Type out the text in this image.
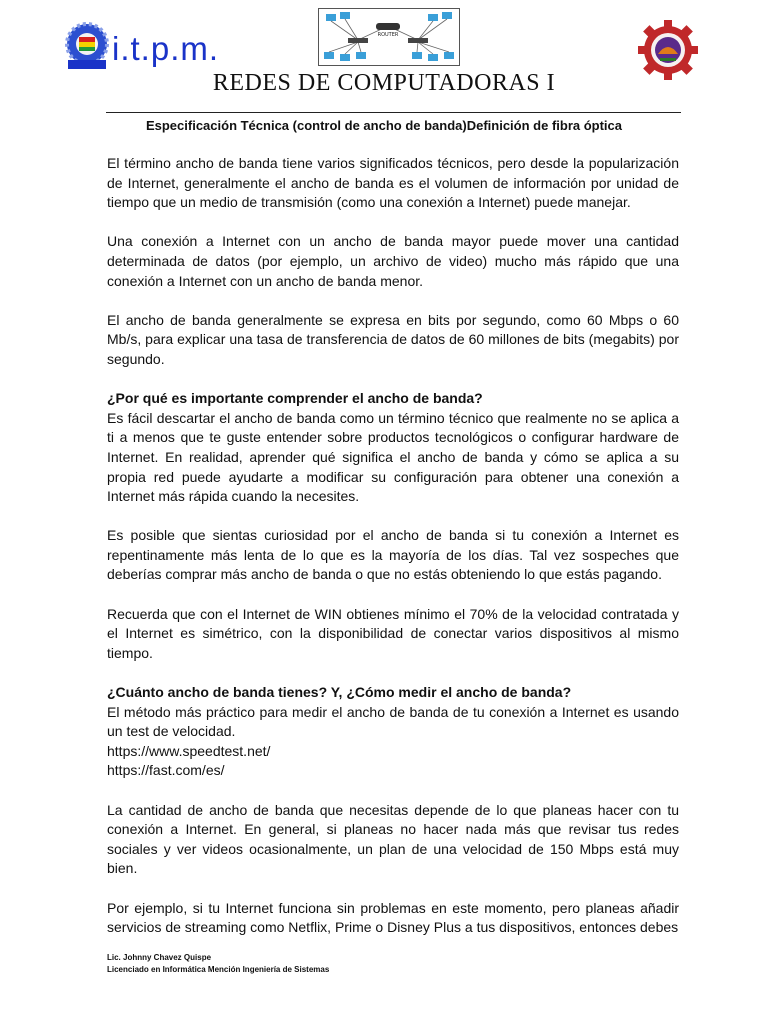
i.t.p.m.	ROUTER
REDES DE COMPUTADORAS I
Especificación Técnica (control de ancho de banda)Definición de fibra óptica

El término ancho de banda tiene varios significados técnicos, pero desde la popularización de Internet, generalmente el ancho de banda es el volumen de información por unidad de tiempo que un medio de transmisión (como una conexión a Internet) puede manejar.

Una conexión a Internet con un ancho de banda mayor puede mover una cantidad determinada de datos (por ejemplo, un archivo de video) mucho más rápido que una conexión a Internet con un ancho de banda menor.

El ancho de banda generalmente se expresa en bits por segundo, como 60 Mbps o 60 Mb/s, para explicar una tasa de transferencia de datos de 60 millones de bits (megabits) por segundo.

¿Por qué es importante comprender el ancho de banda?

Es fácil descartar el ancho de banda como un término técnico que realmente no se aplica a ti a menos que te guste entender sobre productos tecnológicos o configurar hardware de Internet. En realidad, aprender qué significa el ancho de banda y cómo se aplica a su propia red puede ayudarte a modificar su configuración para obtener una conexión a Internet más rápida cuando la necesites.

Es posible que sientas curiosidad por el ancho de banda si tu conexión a Internet es repentinamente más lenta de lo que es la mayoría de los días. Tal vez sospeches que deberías comprar más ancho de banda o que no estás obteniendo lo que estás pagando.

Recuerda que con el Internet de WIN obtienes mínimo el 70% de la velocidad contratada y el Internet es simétrico, con la disponibilidad de conectar varios dispositivos al mismo tiempo.

¿Cuánto ancho de banda tienes? Y, ¿Cómo medir el ancho de banda?

El método más práctico para medir el ancho de banda de tu conexión a Internet es usando un test de velocidad.

https://www.speedtest.net/

https://fast.com/es/

La cantidad de ancho de banda que necesitas depende de lo que planeas hacer con tu conexión a Internet. En general, si planeas no hacer nada más que revisar tus redes sociales y ver videos ocasionalmente, un plan de una velocidad de 150 Mbps está muy bien.

Por ejemplo, si tu Internet funciona sin problemas en este momento, pero planeas añadir servicios de streaming como Netflix, Prime o Disney Plus a tus dispositivos, entonces debes

Lic. Johnny Chavez Quispe
Licenciado en Informática Mención Ingeniería de Sistemas
